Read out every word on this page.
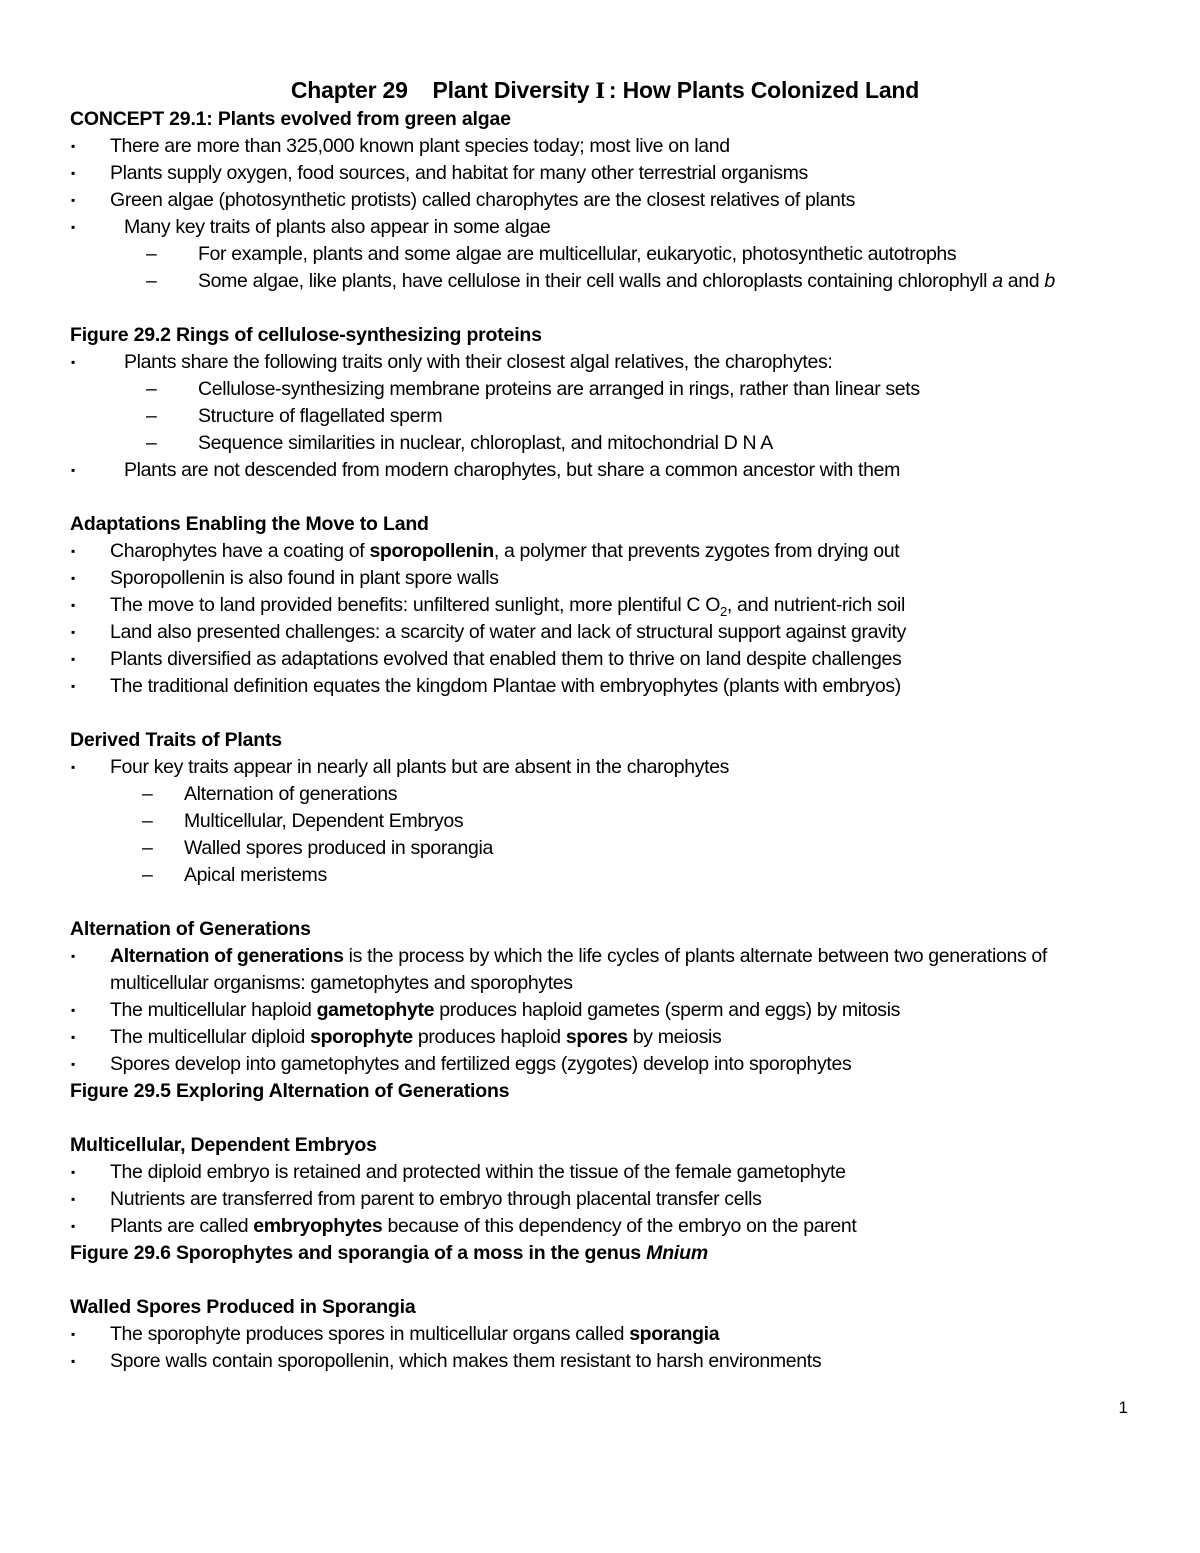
Chapter 29 Plant Diversity Ⅰ : How Plants Colonized Land
CONCEPT 29.1: Plants evolved from green algae
▪ There are more than 325,000 known plant species today; most live on land
▪ Plants supply oxygen, food sources, and habitat for many other terrestrial organisms
▪ Green algae (photosynthetic protists) called charophytes are the closest relatives of plants
▪	Many key traits of plants also appear in some algae
– For example, plants and some algae are multicellular, eukaryotic, photosynthetic autotrophs
– Some algae, like plants, have cellulose in their cell walls and chloroplasts containing chlorophyll a and b
Figure 29.2 Rings of cellulose-synthesizing proteins
▪	Plants share the following traits only with their closest algal relatives, the charophytes:
– Cellulose-synthesizing membrane proteins are arranged in rings, rather than linear sets
– Structure of flagellated sperm
– Sequence similarities in nuclear, chloroplast, and mitochondrial D N A
▪	Plants are not descended from modern charophytes, but share a common ancestor with them
Adaptations Enabling the Move to Land
▪ Charophytes have a coating of sporopollenin, a polymer that prevents zygotes from drying out
▪ Sporopollenin is also found in plant spore walls
▪ The move to land provided benefits: unfiltered sunlight, more plentiful C $O_2$, and nutrient-rich soil
▪ Land also presented challenges: a scarcity of water and lack of structural support against gravity
▪ Plants diversified as adaptations evolved that enabled them to thrive on land despite challenges
▪ The traditional definition equates the kingdom Plantae with embryophytes (plants with embryos)
Derived Traits of Plants
▪ Four key traits appear in nearly all plants but are absent in the charophytes
– Alternation of generations
– Multicellular, Dependent Embryos
– Walled spores produced in sporangia
– Apical meristems
Alternation of Generations
▪ Alternation of generations is the process by which the life cycles of plants alternate between two generations of
multicellular organisms: gametophytes and sporophytes
▪ The multicellular haploid gametophyte produces haploid gametes (sperm and eggs) by mitosis
▪ The multicellular diploid sporophyte produces haploid spores by meiosis
▪ Spores develop into gametophytes and fertilized eggs (zygotes) develop into sporophytes
Figure 29.5 Exploring Alternation of Generations
Multicellular, Dependent Embryos
▪ The diploid embryo is retained and protected within the tissue of the female gametophyte
▪ Nutrients are transferred from parent to embryo through placental transfer cells
▪ Plants are called embryophytes because of this dependency of the embryo on the parent
Figure 29.6 Sporophytes and sporangia of a moss in the genus Mnium
Walled Spores Produced in Sporangia
▪ The sporophyte produces spores in multicellular organs called sporangia
▪ Spore walls contain sporopollenin, which makes them resistant to harsh environments
1
